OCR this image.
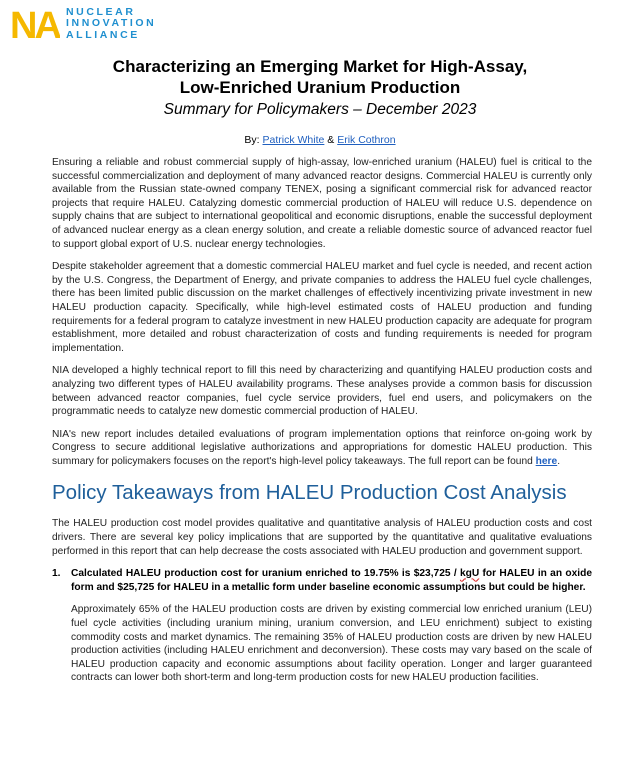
NA NUCLEAR
INNOVATION
ALLIANCE
Characterizing an Emerging Market for High-Assay,
Low-Enriched Uranium Production
Summary for Policymakers – December 2023
By: Patrick White & Erik Cothron

Ensuring a reliable and robust commercial supply of high-assay, low-enriched uranium (HALEU) fuel is critical to the successful commercialization and deployment of many advanced reactor designs. Commercial HALEU is currently only available from the Russian state-owned company TENEX, posing a significant commercial risk for advanced reactor projects that require HALEU. Catalyzing domestic commercial production of HALEU will reduce U.S. dependence on supply chains that are subject to international geopolitical and economic disruptions, enable the successful deployment of advanced nuclear energy as a clean energy solution, and create a reliable domestic source of advanced reactor fuel to support global export of U.S. nuclear energy technologies.

Despite stakeholder agreement that a domestic commercial HALEU market and fuel cycle is needed, and recent action by the U.S. Congress, the Department of Energy, and private companies to address the HALEU fuel cycle challenges, there has been limited public discussion on the market challenges of effectively incentivizing private investment in new HALEU production capacity. Specifically, while high-level estimated costs of HALEU production and funding requirements for a federal program to catalyze investment in new HALEU production capacity are adequate for program establishment, more detailed and robust characterization of costs and funding requirements is needed for program implementation.

NIA developed a highly technical report to fill this need by characterizing and quantifying HALEU production costs and analyzing two different types of HALEU availability programs. These analyses provide a common basis for discussion between advanced reactor companies, fuel cycle service providers, fuel end users, and policymakers on the programmatic needs to catalyze new domestic commercial production of HALEU.

NIA's new report includes detailed evaluations of program implementation options that reinforce on-going work by Congress to secure additional legislative authorizations and appropriations for domestic HALEU production. This summary for policymakers focuses on the report's high-level policy takeaways. The full report can be found here.

Policy Takeaways from HALEU Production Cost Analysis

The HALEU production cost model provides qualitative and quantitative analysis of HALEU production costs and cost drivers. There are several key policy implications that are supported by the quantitative and qualitative evaluations performed in this report that can help decrease the costs associated with HALEU production and government support.

1.	Calculated HALEU production cost for uranium enriched to 19.75% is $23,725 / kgU for HALEU in an oxide form and $25,725 for HALEU in a metallic form under baseline economic assumptions but could be higher.

Approximately 65% of the HALEU production costs are driven by existing commercial low enriched uranium (LEU) fuel cycle activities (including uranium mining, uranium conversion, and LEU enrichment) subject to existing commodity costs and market dynamics. The remaining 35% of HALEU production costs are driven by new HALEU production activities (including HALEU enrichment and deconversion). These costs may vary based on the scale of HALEU production capacity and economic assumptions about facility operation. Longer and larger guaranteed contracts can lower both short-term and long-term production costs for new HALEU production facilities.
